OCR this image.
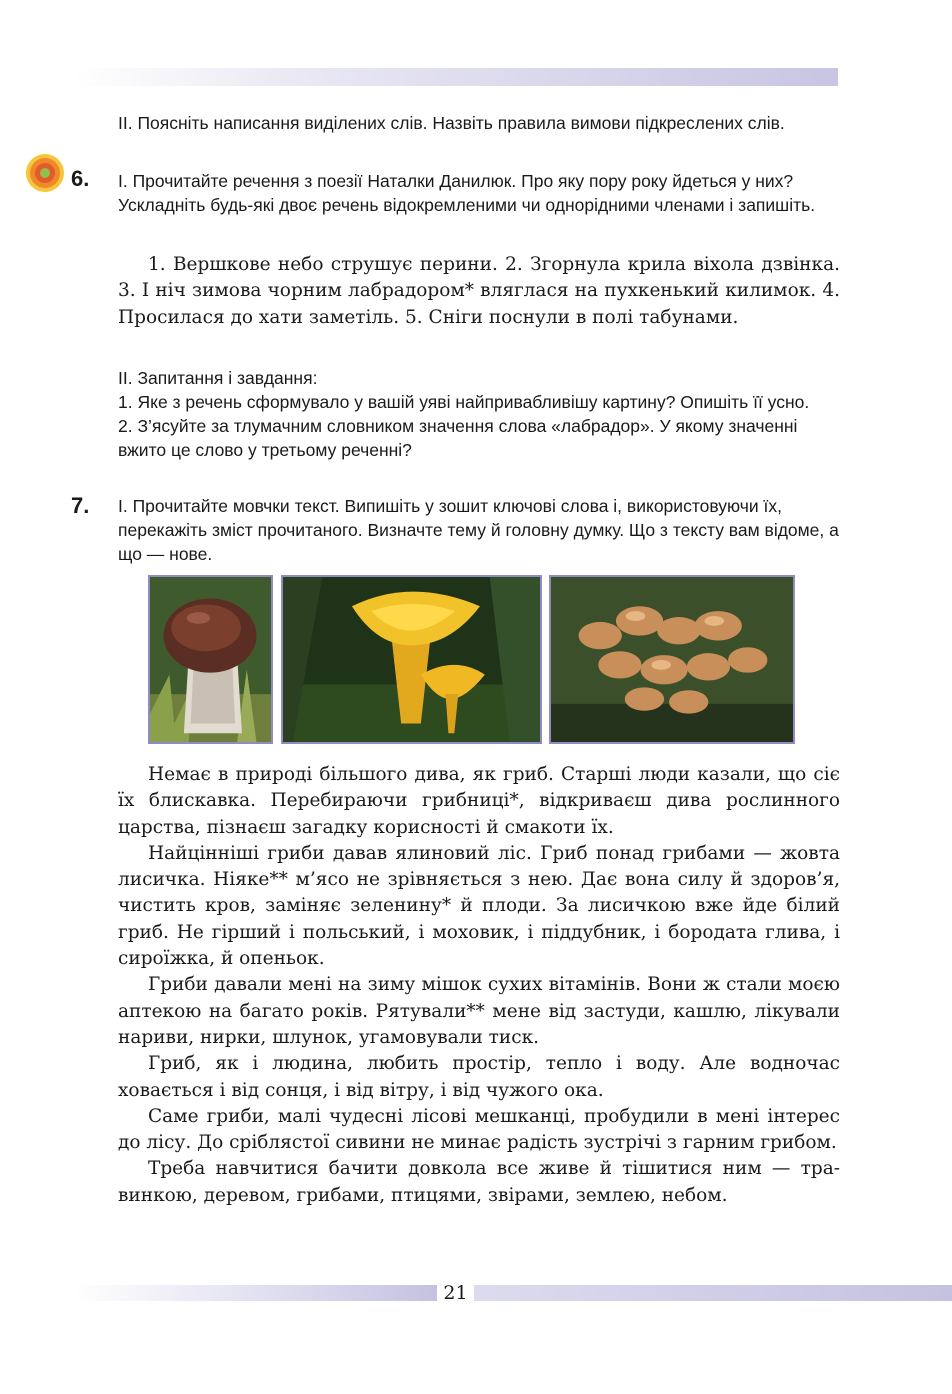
ІІ. Поясніть написання виділених слів. Назвіть правила вимови підкреслених слів.

6. І. Прочитайте речення з поезії Наталки Данилюк. Про яку пору року йдеться у них? Ускладніть будь-які двоє речень відокремленими чи однорідними членами і запишіть.

1. Вершкове небо струшує перини. 2. Згорнула крила віхола дзвінка. 3. І ніч зимова чорним лабрадором* вляглася на пухкенький килимок. 4. Просилася до хати заметіль. 5. Сніги поснули в полі табунами.

ІІ. Запитання і завдання:

1. Яке з речень сформувало у вашій уяві найпривабливішу картину? Опишіть її усно.

2. З’ясуйте за тлумачним словником значення слова «лабрадор». У якому значенні вжито це слово у третьому реченні?

7. І. Прочитайте мовчки текст. Випишіть у зошит ключові слова і, використовуючи їх, перекажіть зміст прочитаного. Визначте тему й головну думку. Що з тексту вам відоме, а що — нове.

Немає в природі більшого дива, як гриб. Старші люди казали, що сіє їх блискавка. Перебираючи грибниці*, відкриваєш дива рослинного царства, пізнаєш загадку корисності й смакоти їх.

Найцінніші гриби давав ялиновий ліс. Гриб понад грибами — жовта лисичка. Ніяке** м’ясо не зрівняється з нею. Дає вона силу й здоров’я, чистить кров, заміняє зеленину* й плоди. За лисичкою вже йде білий гриб. Не гірший і польський, і моховик, і піддубник, і бородата глива, і сироїжка, й опеньок.

Гриби давали мені на зиму мішок сухих вітамінів. Вони ж стали моєю аптекою на багато років. Рятували** мене від застуди, кашлю, лікували нариви, нирки, шлунок, угамовували тиск.

Гриб, як і людина, любить простір, тепло і воду. Але водночас ховається і від сонця, і від вітру, і від чужого ока.

Саме гриби, малі чудесні лісові мешканці, пробудили в мені інтерес до лісу. До сріблястої сивини не минає радість зустрічі з гарним грибом.

Треба навчитися бачити довкола все живе й тішитися ним — травинкою, деревом, грибами, птицями, звірами, землею, небом.

21
